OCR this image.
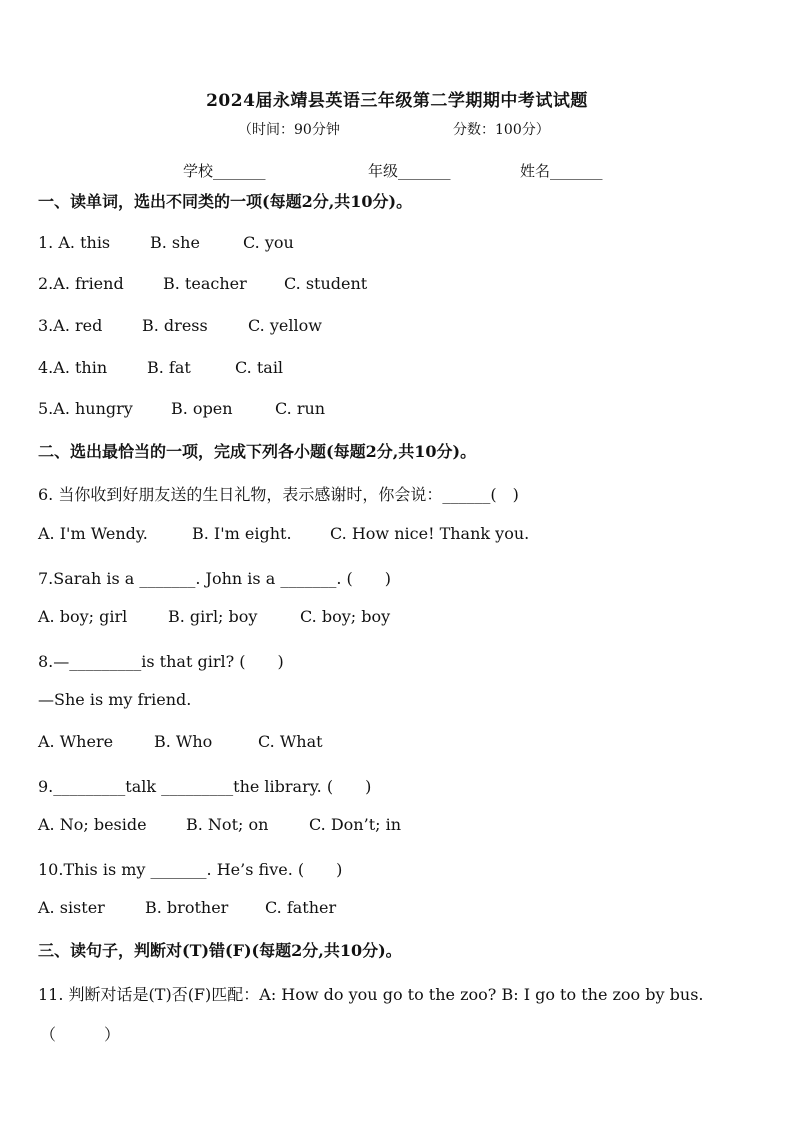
2024届永靖县英语三年级第二学期期中考试试题
（时间：90分钟	分数：100分）
学校_______	年级_______	姓名_______
一、读单词，选出不同类的一项(每题2分,共10分)。
1. A. this B. she	C. you
2.A. friend B. teacher C. student
3.A. red B. dress	C. yellow
4.A. thin B. fat	C. tail
5.A. hungry B. open	C. run
二、选出最恰当的一项，完成下列各小题(每题2分,共10分)。
6. 当你收到好朋友送的生日礼物，表示感谢时，你会说：______(　)
A. I'm Wendy.	B. I'm eight. C. How nice! Thank you.
7.Sarah is a _______. John is a _______. (　　)
A. boy; girl	B. girl; boy	C. boy; boy
8.—_________is that girl? (　　)
—She is my friend.
A. Where	B. Who	C. What
9._________talk _________the library. (　　)
A. No; beside B. Not; on	C. Don’t; in
10.This is my _______. He’s five. (　　)
A. sister	B. brother C. father
三、读句子，判断对(T)错(F)(每题2分,共10分)。
11. 判断对话是(T)否(F)匹配：A: How do you go to the zoo? B: I go to the zoo by bus.
（　　　）
